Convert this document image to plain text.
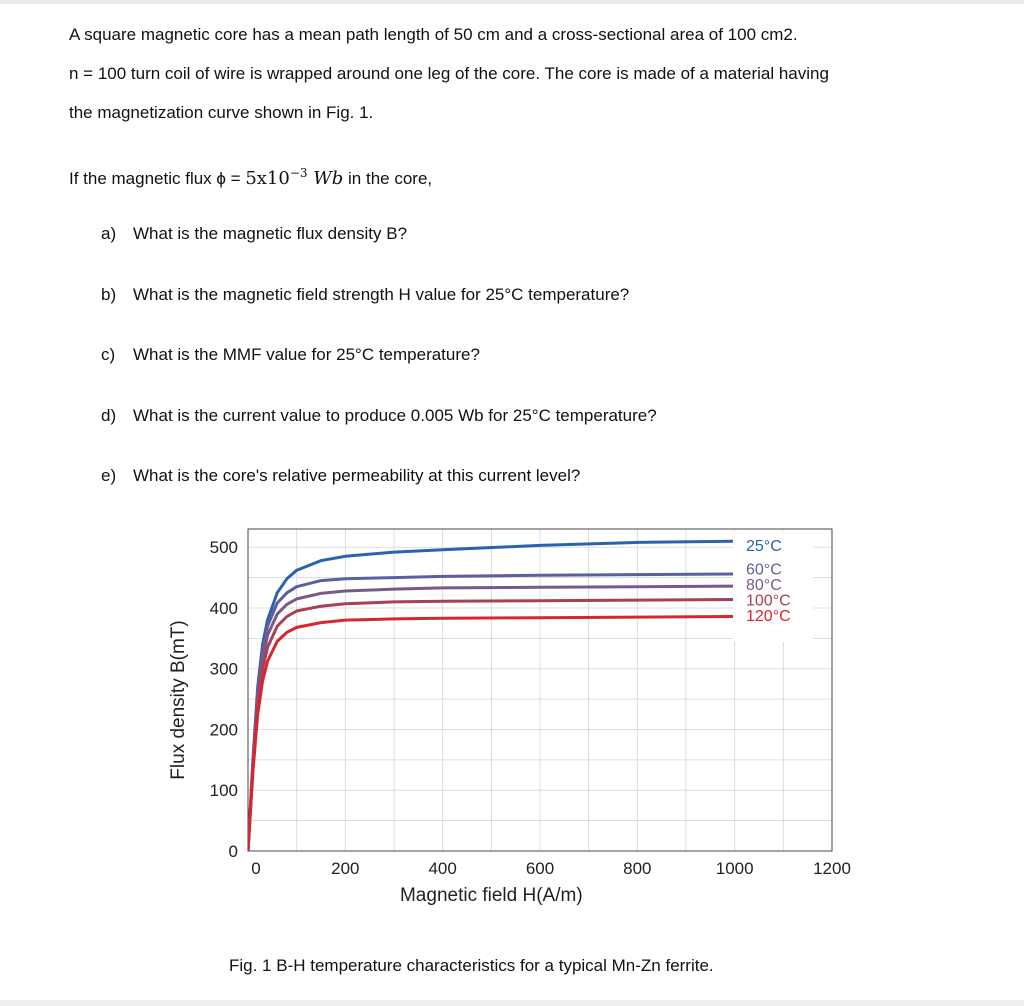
A square magnetic core has a mean path length of 50 cm and a cross-sectional area of 100 cm2.

n = 100 turn coil of wire is wrapped around one leg of the core. The core is made of a material having

the magnetization curve shown in Fig. 1.

If the magnetic flux $\phi = 5x10^{-3}$ Wb in the core,
a) What is the magnetic flux density B?
b) What is the magnetic field strength H value for 25°C temperature?
c) What is the MMF value for 25°C temperature?
d) What is the current value to produce 0.005 Wb for 25°C temperature?
e) What is the core's relative permeability at this current level?
0
100
200
300
400
500
0	200	400	600	800	1000	1200
Magnetic field H(A/m)
Flux density B(mT)
25°C
60°C
80°C
100°C
120°C
Fig. 1 B-H temperature characteristics for a typical Mn-Zn ferrite.
